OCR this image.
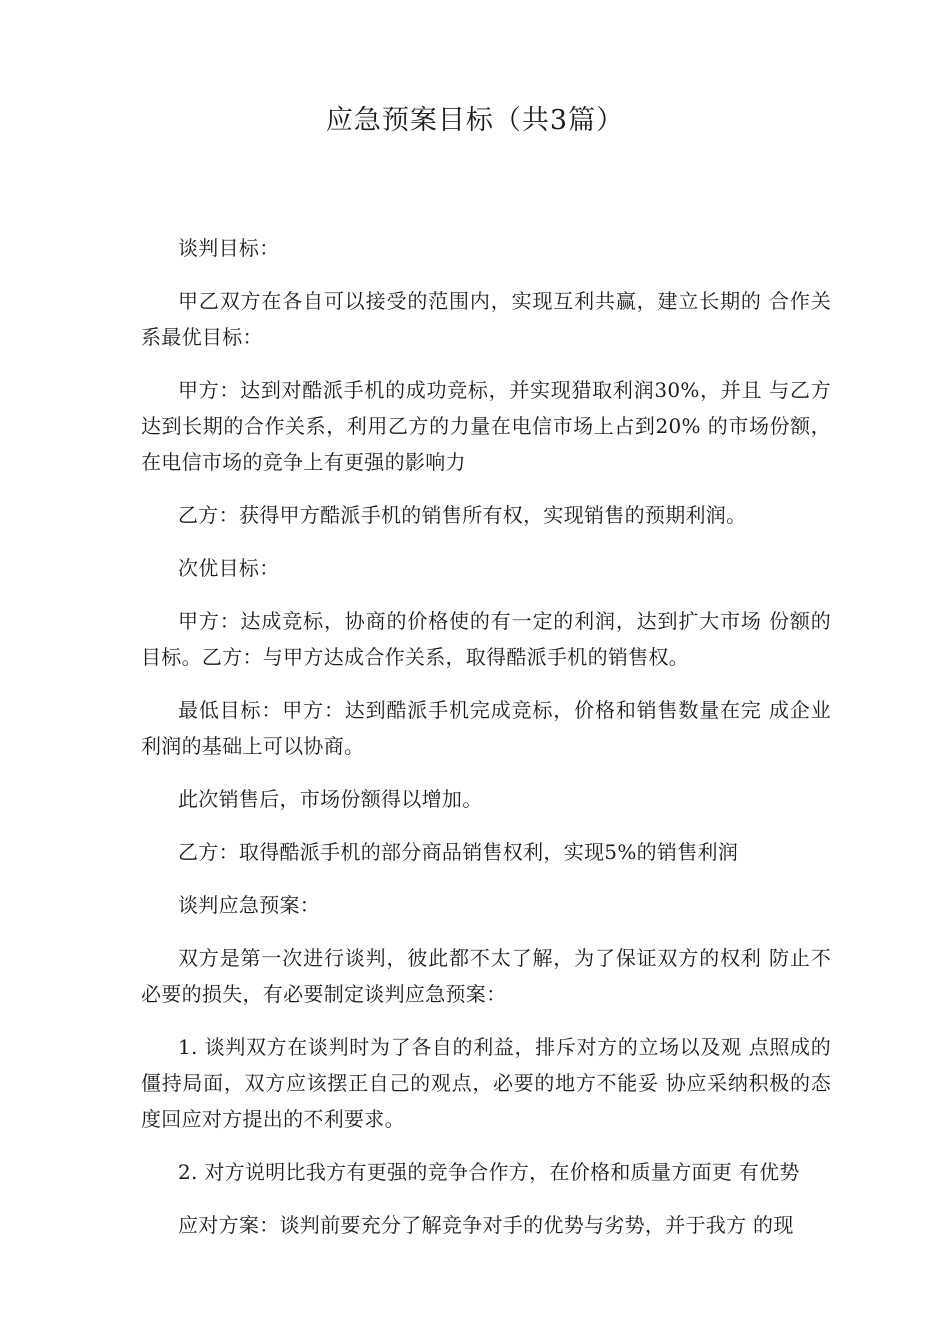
应急预案目标（共3篇）

谈判目标：

甲乙双方在各自可以接受的范围内，实现互利共赢，建立长期的 合作关系最优目标：

甲方：达到对酷派手机的成功竞标，并实现猎取利润30%，并且 与乙方达到长期的合作关系，利用乙方的力量在电信市场上占到20% 的市场份额，在电信市场的竞争上有更强的影响力

乙方：获得甲方酷派手机的销售所有权，实现销售的预期利润。

次优目标：

甲方：达成竞标，协商的价格使的有一定的利润，达到扩大市场 份额的目标。乙方：与甲方达成合作关系，取得酷派手机的销售权。

最低目标：甲方：达到酷派手机完成竞标，价格和销售数量在完 成企业利润的基础上可以协商。

此次销售后，市场份额得以增加。

乙方：取得酷派手机的部分商品销售权利，实现5%的销售利润

谈判应急预案：

双方是第一次进行谈判，彼此都不太了解，为了保证双方的权利 防止不必要的损失，有必要制定谈判应急预案：

1. 谈判双方在谈判时为了各自的利益，排斥对方的立场以及观 点照成的僵持局面，双方应该摆正自己的观点，必要的地方不能妥 协应采纳积极的态度回应对方提出的不利要求。

2. 对方说明比我方有更强的竞争合作方，在价格和质量方面更 有优势

应对方案：谈判前要充分了解竞争对手的优势与劣势，并于我方 的现
